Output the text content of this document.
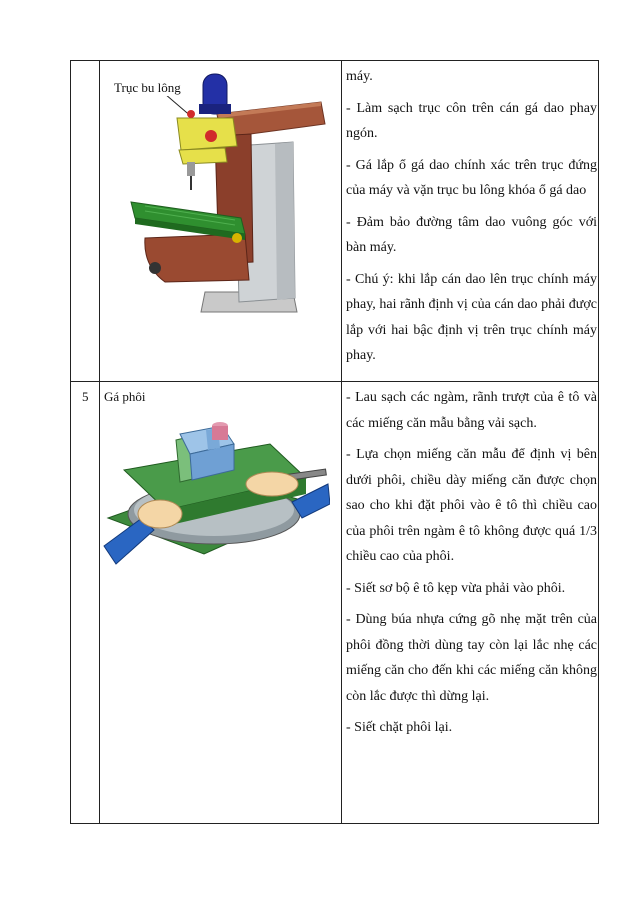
Trục bu lông

máy.

- Làm sạch trục côn trên cán gá dao phay ngón.

- Gá lắp ổ gá dao chính xác trên trục đứng của máy và vặn trục bu lông khóa ổ gá dao

- Đảm bảo đường tâm dao vuông góc với bàn máy.

- Chú ý: khi lắp cán dao lên trục chính máy phay, hai rãnh định vị của cán dao phải được lắp với hai bậc định vị trên trục chính máy phay.

5 Gá phôi	- Lau sạch các ngàm, rãnh trượt của ê tô và các miếng căn mẫu bằng vải sạch.

- Lựa chọn miếng căn mẫu để định vị bên dưới phôi, chiều dày miếng căn được chọn sao cho khi đặt phôi vào ê tô thì chiều cao của phôi trên ngàm ê tô không được quá 1/3 chiều cao của phôi.

- Siết sơ bộ ê tô kẹp vừa phải vào phôi.

- Dùng búa nhựa cứng gõ nhẹ mặt trên của phôi đồng thời dùng tay còn lại lắc nhẹ các miếng căn cho đến khi các miếng căn không còn lắc được thì dừng lại.

- Siết chặt phôi lại.
